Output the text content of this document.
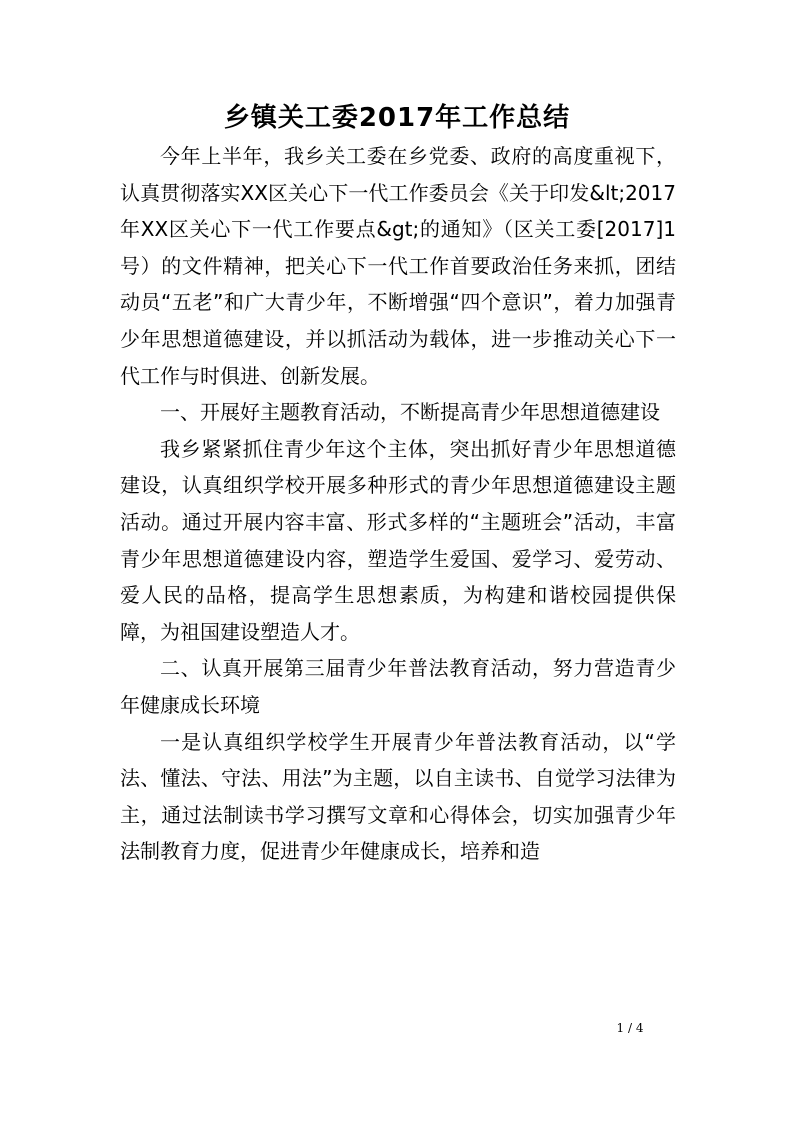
乡镇关工委2017年工作总结

今年上半年，我乡关工委在乡党委、政府的高度重视下，认真贯彻落实XX区关心下一代工作委员会《关于印发&lt;2017年XX区关心下一代工作要点&gt;的通知》（区关工委[2017]1号）的文件精神，把关心下一代工作首要政治任务来抓，团结动员“五老”和广大青少年，不断增强“四个意识”，着力加强青少年思想道德建设，并以抓活动为载体，进一步推动关心下一代工作与时俱进、创新发展。

一、开展好主题教育活动，不断提高青少年思想道德建设

我乡紧紧抓住青少年这个主体，突出抓好青少年思想道德建设，认真组织学校开展多种形式的青少年思想道德建设主题活动。通过开展内容丰富、形式多样的“主题班会”活动，丰富青少年思想道德建设内容，塑造学生爱国、爱学习、爱劳动、爱人民的品格，提高学生思想素质，为构建和谐校园提供保障，为祖国建设塑造人才。

二、认真开展第三届青少年普法教育活动，努力营造青少年健康成长环境

一是认真组织学校学生开展青少年普法教育活动，以“学法、懂法、守法、用法”为主题，以自主读书、自觉学习法律为主，通过法制读书学习撰写文章和心得体会，切实加强青少年法制教育力度，促进青少年健康成长，培养和造

1 / 4
